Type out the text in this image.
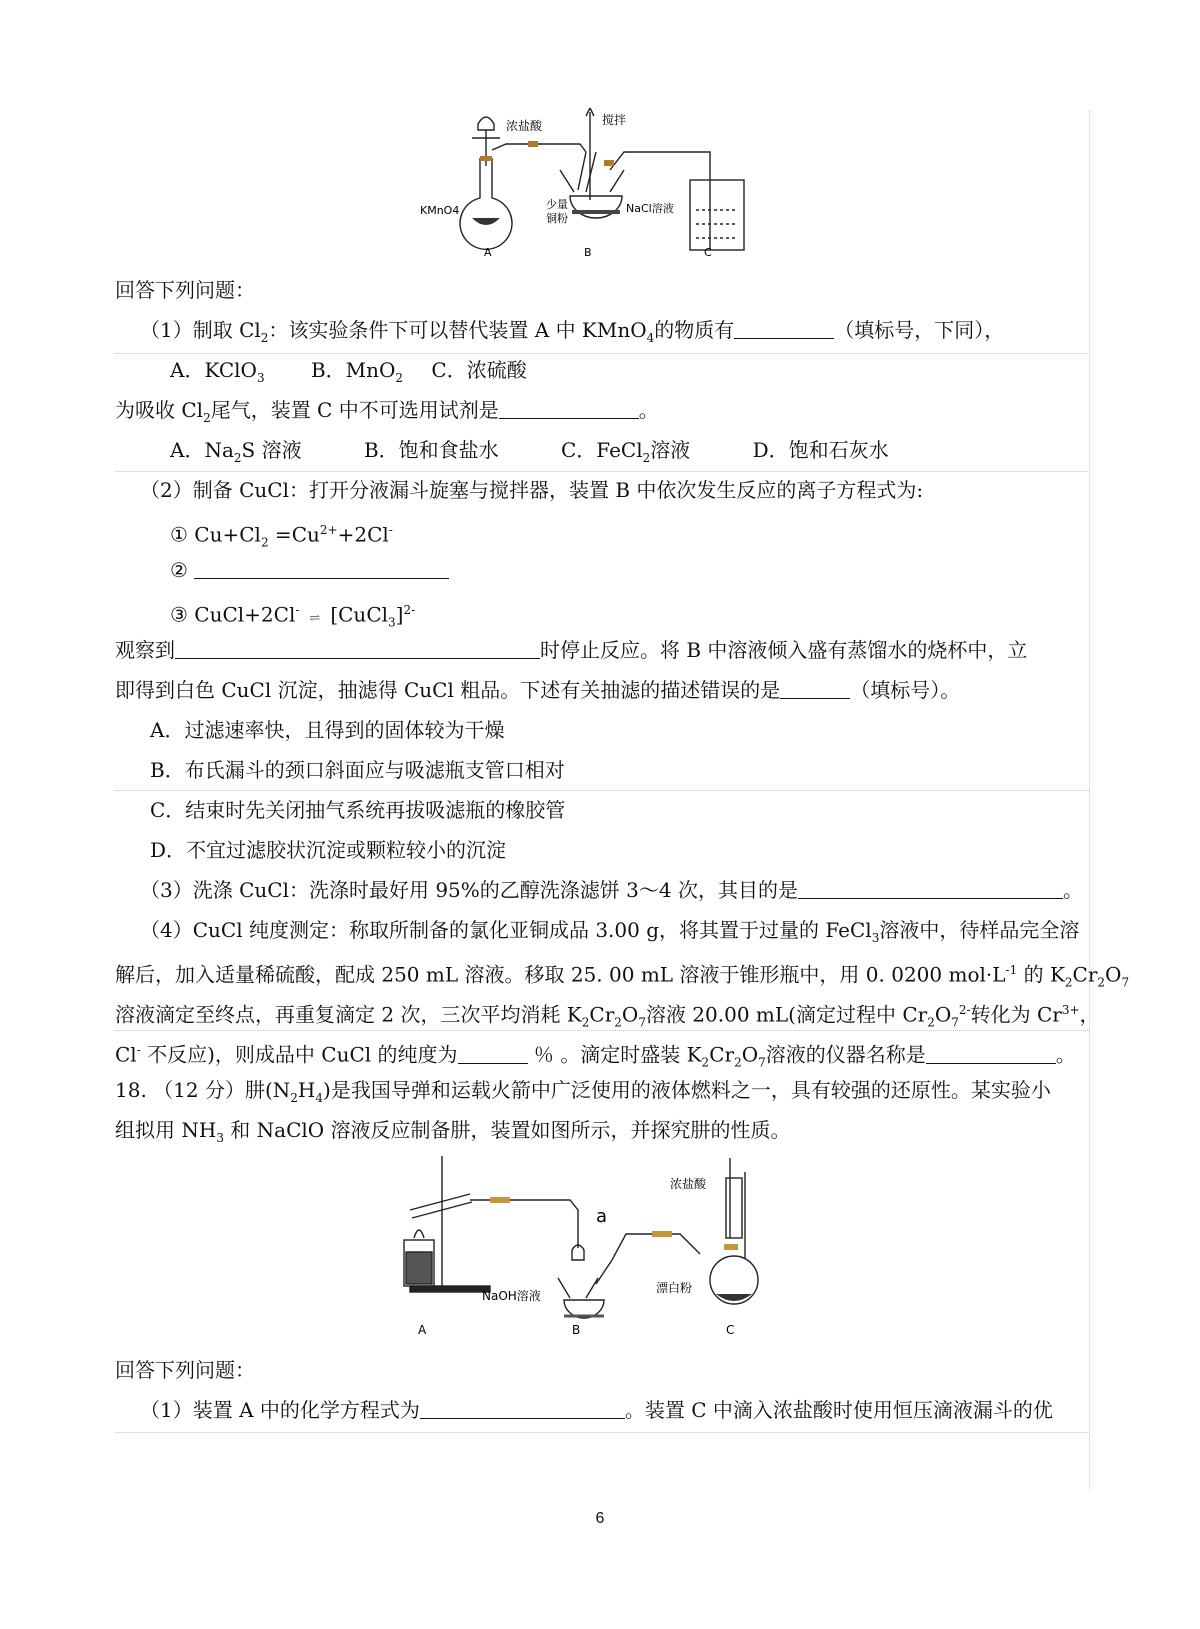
浓盐酸	搅拌
KMnO4	少量
铜粉
NaCl溶液
A	B	C
回答下列问题：
（1）制取 $Cl_2$：该实验条件下可以替代装置 A 中 KMnO$_4$的物质有	（填标号，下同），
A．KClO$_3$ B．MnO$_2$ C．浓硫酸
为吸收 $Cl_2$尾气，装置 C 中不可选用试剂是	。
A．$Na_2S$ 溶液	B．饱和食盐水	C．FeCl$_2$溶液	D．饱和石灰水
（2）制备 CuCl：打开分液漏斗旋塞与搅拌器，装置 B 中依次发生反应的离子方程式为:
① $Cu+Cl_2 =Cu^{2+}+2Cl^-$
②
③ CuCl+2Cl-⇌ [CuCl$_3$]$^{2-}$
观察到	时停止反应。将 B 中溶液倾入盛有蒸馏水的烧杯中，立
即得到白色 CuCl 沉淀，抽滤得 CuCl 粗品。下述有关抽滤的描述错误的是	（填标号）。
A．过滤速率快，且得到的固体较为干燥
B．布氏漏斗的颈口斜面应与吸滤瓶支管口相对
C．结束时先关闭抽气系统再拔吸滤瓶的橡胶管
D．不宜过滤胶状沉淀或颗粒较小的沉淀
（3）洗涤 CuCl：洗涤时最好用 95%的乙醇洗涤滤饼 3～4 次，其目的是	。
（4）CuCl 纯度测定：称取所制备的氯化亚铜成品 3.00 g，将其置于过量的 FeCl$_3$溶液中，待样品完全溶
解后，加入适量稀硫酸，配成 250 mL 溶液。移取 25. 00 mL 溶液于锥形瓶中，用 0. 0200 $mol\cdot L^{-1}$ 的 $K_2Cr_2O_7$
溶液滴定至终点，再重复滴定 2 次，三次平均消耗 $K_2Cr_2O_7$溶液 20.00 mL(滴定过程中 $Cr_2O_7^{2-}$转化为 $Cr^{3+}$，
Cl- 不反应)，则成品中 CuCl 的纯度为	％ 。滴定时盛装 $K_2Cr_2O_7$溶液的仪器名称是	。
18. （12 分）肼$(N_2H_4)$是我国导弹和运载火箭中广泛使用的液体燃料之一，具有较强的还原性。某实验小
组拟用 $NH_3$ 和 NaClO 溶液反应制备肼，装置如图所示，并探究肼的性质。
a
浓盐酸
NaOH溶液
漂白粉
A	B	C
回答下列问题：
（1）装置 A 中的化学方程式为	。装置 C 中滴入浓盐酸时使用恒压滴液漏斗的优
6
